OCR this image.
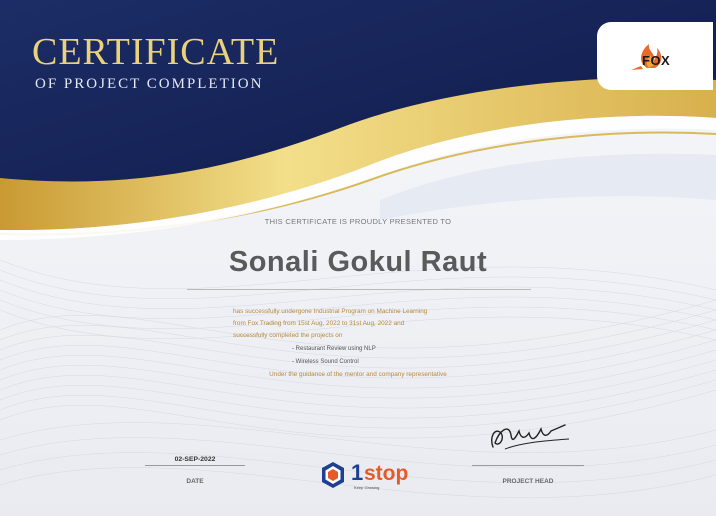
CERTIFICATE
OF PROJECT COMPLETION
FOX
THIS CERTIFICATE IS PROUDLY PRESENTED TO
Sonali Gokul Raut
has successfully undergone Industrial Program on Machine Learning
from Fox Trading from 15st Aug, 2022 to 31st Aug, 2022 and
successfully completed the projects on
- Restaurant Review using NLP
- Wireless Sound Control
Under the guidance of the mentor and company representative
02-SEP-2022
DATE	PROJECT HEAD
1 stop
Keep Growing
